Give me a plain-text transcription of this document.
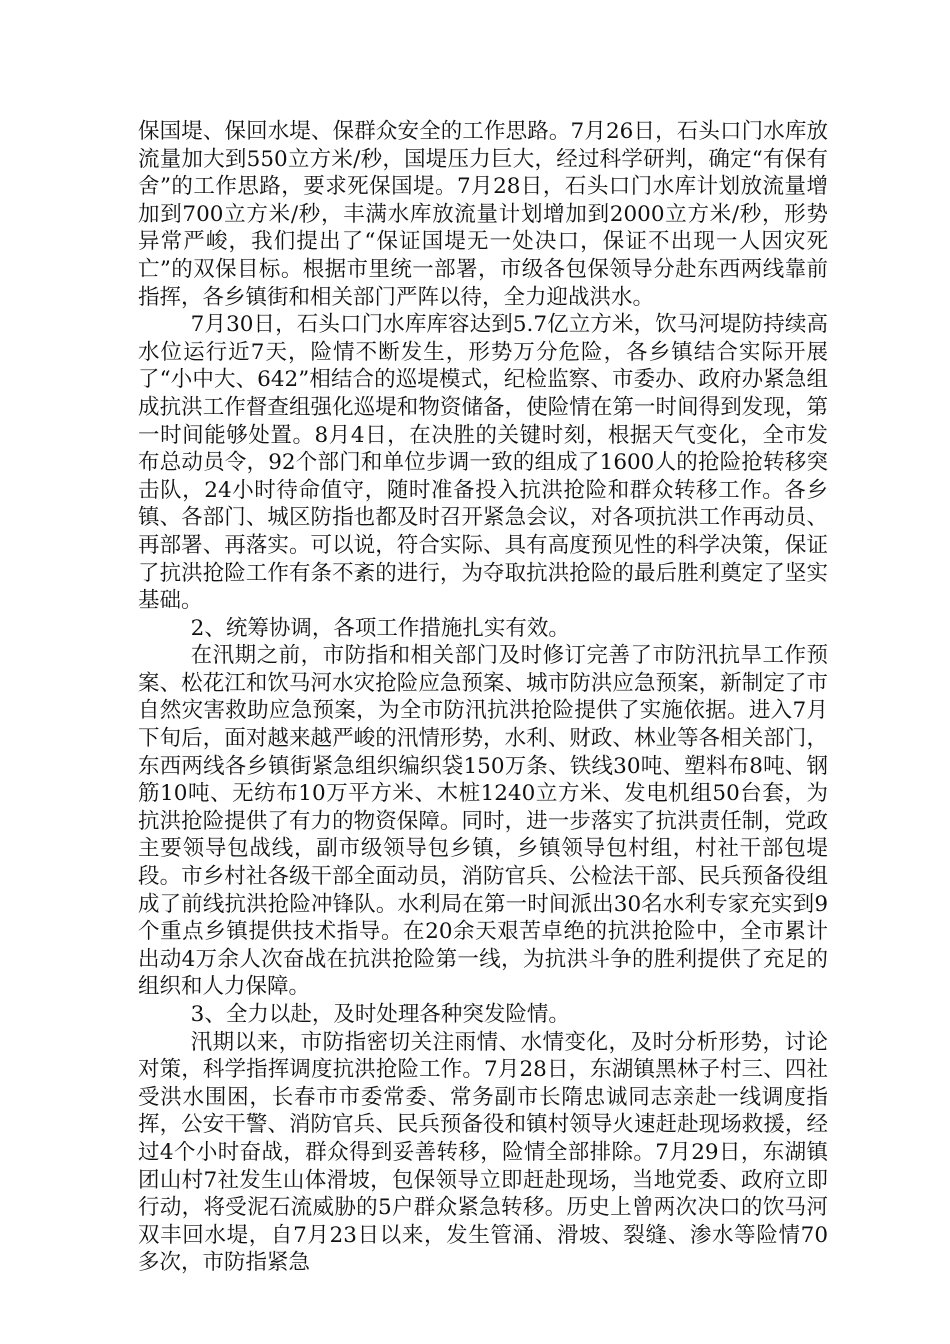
保国堤、保回水堤、保群众安全的工作思路。7月26日，石头口门水库放流量加大到550立方米/秒，国堤压力巨大，经过科学研判，确定“有保有舍”的工作思路，要求死保国堤。7月28日，石头口门水库计划放流量增加到700立方米/秒，丰满水库放流量计划增加到2000立方米/秒，形势异常严峻，我们提出了“保证国堤无一处决口，保证不出现一人因灾死亡”的双保目标。根据市里统一部署，市级各包保领导分赴东西两线靠前指挥，各乡镇街和相关部门严阵以待，全力迎战洪水。

7月30日，石头口门水库库容达到5.7亿立方米，饮马河堤防持续高水位运行近7天，险情不断发生，形势万分危险，各乡镇结合实际开展了“小中大、642”相结合的巡堤模式，纪检监察、市委办、政府办紧急组成抗洪工作督查组强化巡堤和物资储备，使险情在第一时间得到发现，第一时间能够处置。8月4日，在决胜的关键时刻，根据天气变化，全市发布总动员令，92个部门和单位步调一致的组成了1600人的抢险抢转移突击队，24小时待命值守，随时准备投入抗洪抢险和群众转移工作。各乡镇、各部门、城区防指也都及时召开紧急会议，对各项抗洪工作再动员、再部署、再落实。可以说，符合实际、具有高度预见性的科学决策，保证了抗洪抢险工作有条不紊的进行，为夺取抗洪抢险的最后胜利奠定了坚实基础。

2、统筹协调，各项工作措施扎实有效。

在汛期之前，市防指和相关部门及时修订完善了市防汛抗旱工作预案、松花江和饮马河水灾抢险应急预案、城市防洪应急预案，新制定了市自然灾害救助应急预案，为全市防汛抗洪抢险提供了实施依据。进入7月下旬后，面对越来越严峻的汛情形势，水利、财政、林业等各相关部门，东西两线各乡镇街紧急组织编织袋150万条、铁线30吨、塑料布8吨、钢筋10吨、无纺布10万平方米、木桩1240立方米、发电机组50台套，为抗洪抢险提供了有力的物资保障。同时，进一步落实了抗洪责任制，党政主要领导包战线，副市级领导包乡镇，乡镇领导包村组，村社干部包堤段。市乡村社各级干部全面动员，消防官兵、公检法干部、民兵预备役组成了前线抗洪抢险冲锋队。水利局在第一时间派出30名水利专家充实到9个重点乡镇提供技术指导。在20余天艰苦卓绝的抗洪抢险中，全市累计出动4万余人次奋战在抗洪抢险第一线，为抗洪斗争的胜利提供了充足的组织和人力保障。

3、全力以赴，及时处理各种突发险情。

汛期以来，市防指密切关注雨情、水情变化，及时分析形势，讨论对策，科学指挥调度抗洪抢险工作。7月28日，东湖镇黑林子村三、四社受洪水围困，长春市市委常委、常务副市长隋忠诚同志亲赴一线调度指挥，公安干警、消防官兵、民兵预备役和镇村领导火速赶赴现场救援，经过4个小时奋战，群众得到妥善转移，险情全部排除。7月29日，东湖镇团山村7社发生山体滑坡，包保领导立即赶赴现场，当地党委、政府立即行动，将受泥石流威胁的5户群众紧急转移。历史上曾两次决口的饮马河双丰回水堤，自7月23日以来，发生管涌、滑坡、裂缝、渗水等险情70多次，市防指紧急
